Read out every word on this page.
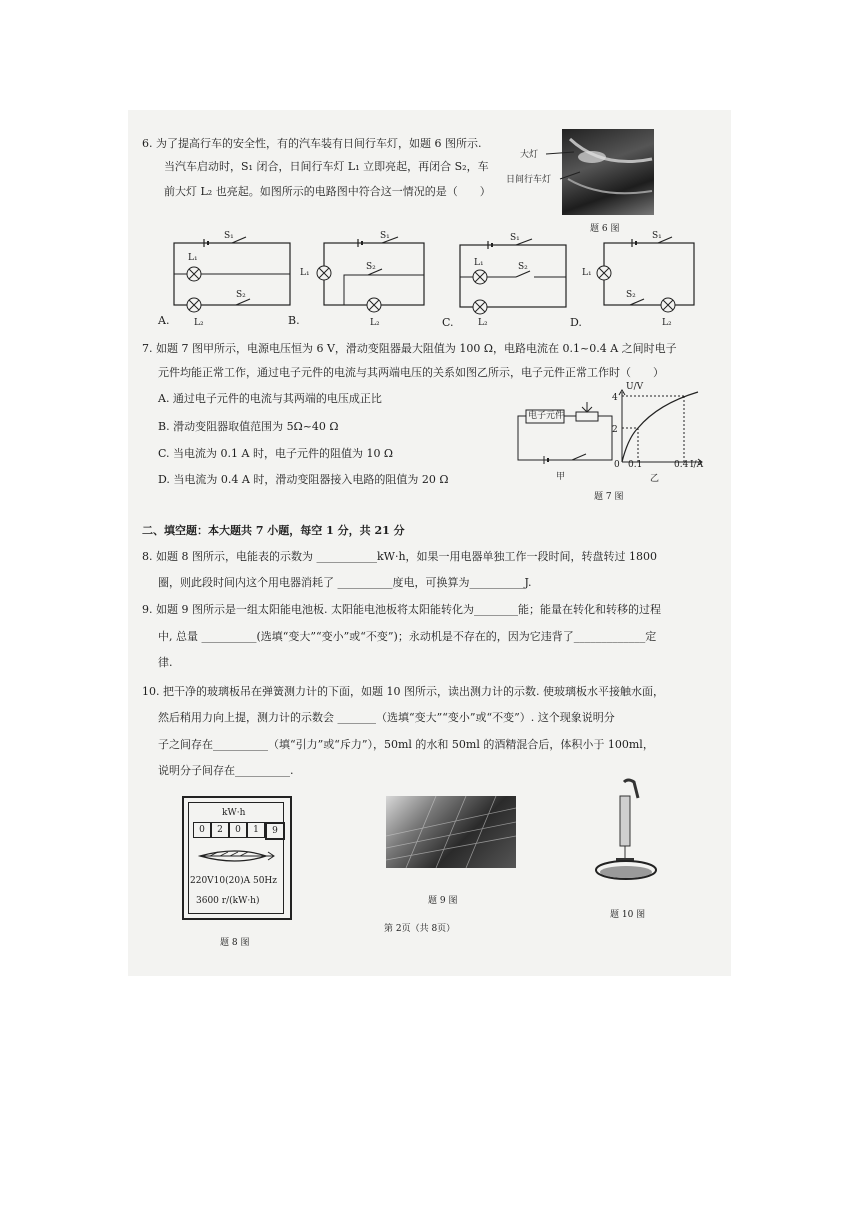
6. 为了提高行车的安全性，有的汽车装有日间行车灯，如题 6 图所示.
当汽车启动时，S₁ 闭合，日间行车灯 L₁ 立即亮起，再闭合 S₂，车
前大灯 L₂ 也亮起。如图所示的电路图中符合这一情况的是（　　）
大灯
日间行车灯
题 6 图
S₁
L₁
S₂
L₂
A.
S₁
L₁
S₂
L₂
B.
S₁
L₁	S₂
L₂
C.
S₁
L₁
S₂
L₂
D.
7. 如题 7 图甲所示，电源电压恒为 6 V，滑动变阻器最大阻值为 100 Ω，电路电流在 0.1~0.4 A 之间时电子
元件均能正常工作，通过电子元件的电流与其两端电压的关系如图乙所示，电子元件正常工作时（　　）
A. 通过电子元件的电流与其两端的电压成正比
B. 滑动变阻器取值范围为 5Ω~40 Ω
C. 当电流为 0.1 A 时，电子元件的阻值为 10 Ω
D. 当电流为 0.4 A 时，滑动变阻器接入电路的阻值为 20 Ω
电子元件
甲
U/V
4
2
0 0.1	0.4 I/A
乙
题 7 图
二、填空题：本大题共 7 小题，每空 1 分，共 21 分
8. 如题 8 图所示，电能表的示数为 ___________kW·h，如果一用电器单独工作一段时间，转盘转过 1800
圈，则此段时间内这个用电器消耗了 __________度电，可换算为__________J.
9. 如题 9 图所示是一组太阳能电池板. 太阳能电池板将太阳能转化为________能；能量在转化和转移的过程
中, 总量 __________(选填“变大”“变小”或“不变”)；永动机是不存在的，因为它违背了_____________定
律.
10. 把干净的玻璃板吊在弹簧测力计的下面，如题 10 图所示，读出测力计的示数. 使玻璃板水平接触水面，
然后稍用力向上提，测力计的示数会 _______（选填“变大”“变小”或“不变”）. 这个现象说明分
子之间存在__________（填“引力”或“斥力”），50ml 的水和 50ml 的酒精混合后，体积小于 100ml，
说明分子间存在__________.
kW·h
0	2	0	1	9
220V10(20)A 50Hz
3600 r/(kW·h)
题 8 图
题 9 图
第 2页（共 8页）
题 10 图
